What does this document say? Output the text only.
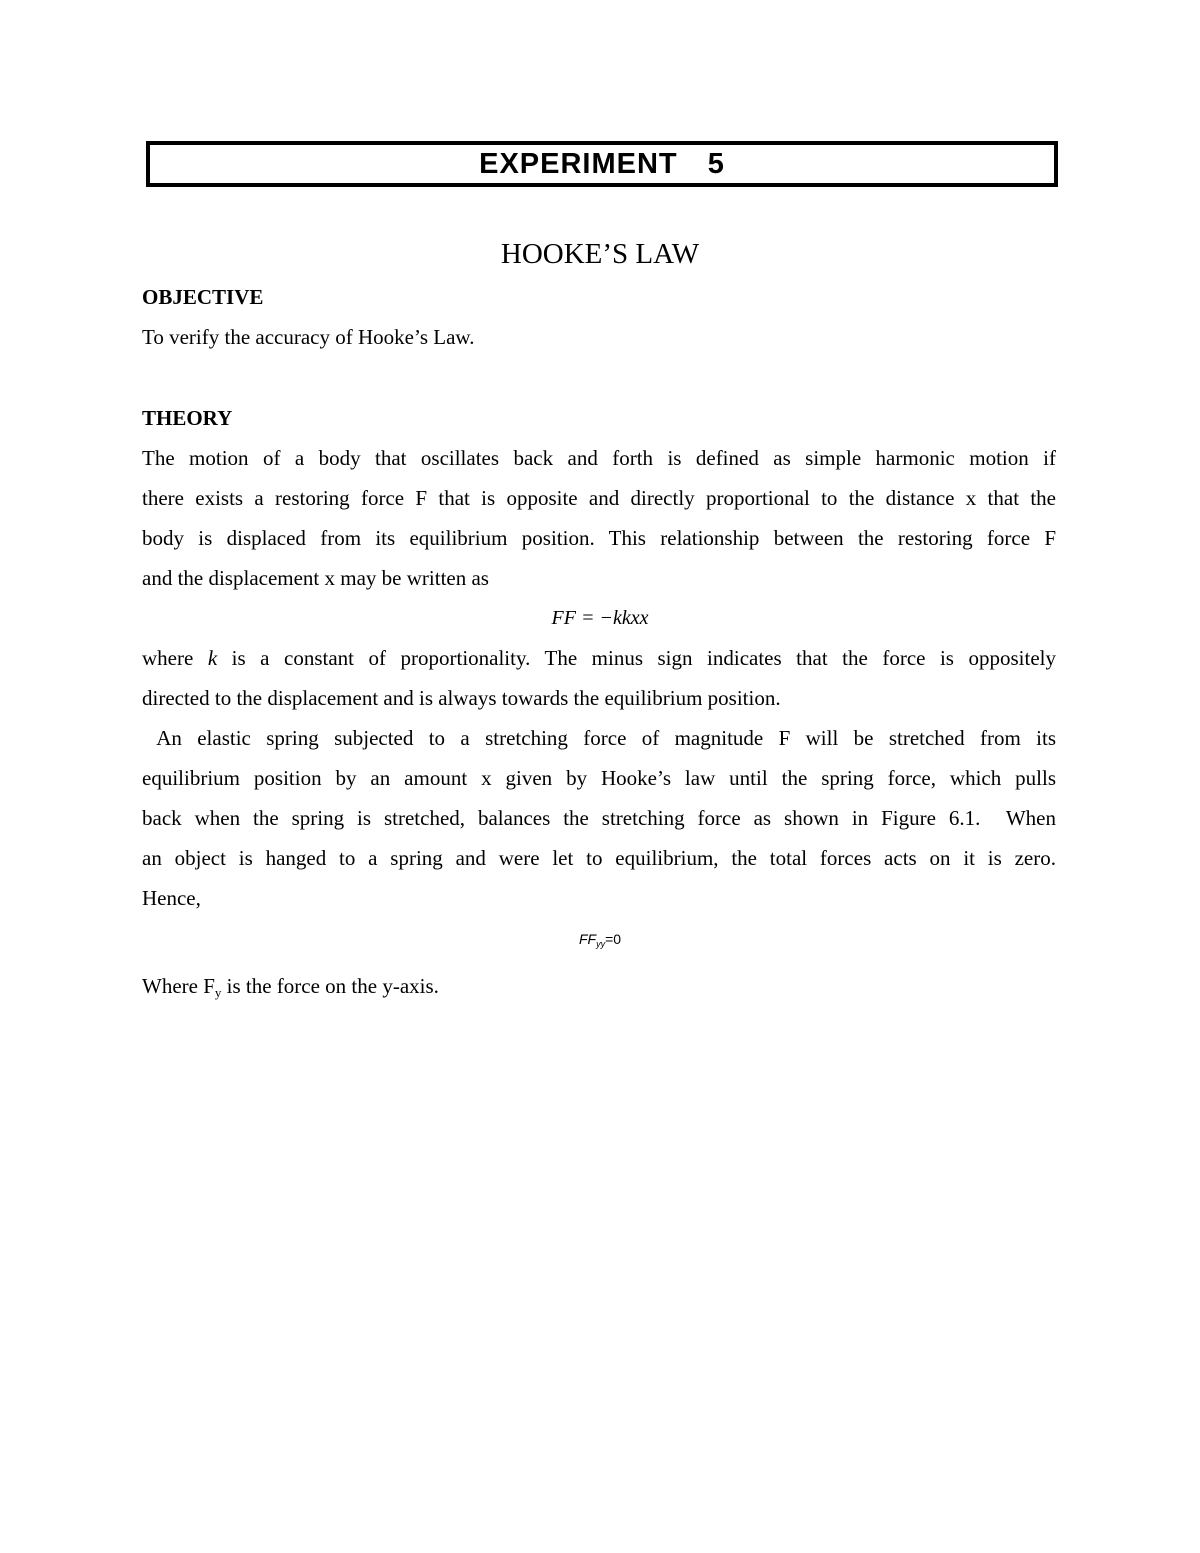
EXPERIMENT  5
HOOKE’S LAW
OBJECTIVE
To verify the accuracy of Hooke’s Law.
THEORY
The motion of a body that oscillates back and forth is defined as simple harmonic motion if
there exists a restoring force F that is opposite and directly proportional to the distance x that the
body is displaced from its equilibrium position. This relationship between the restoring force F
and the displacement x may be written as
FF = −kkxx
where k is a constant of proportionality. The minus sign indicates that the force is oppositely
directed to the displacement and is always towards the equilibrium position.
An elastic spring subjected to a stretching force of magnitude F will be stretched from its
equilibrium position by an amount x given by Hooke’s law until the spring force, which pulls
back when the spring is stretched, balances the stretching force as shown in Figure 6.1.  When
an object is hanged to a spring and were let to equilibrium, the total forces acts on it is zero.
Hence,
$FF_{yy}=0$
Where Fy is the force on the y-axis.
